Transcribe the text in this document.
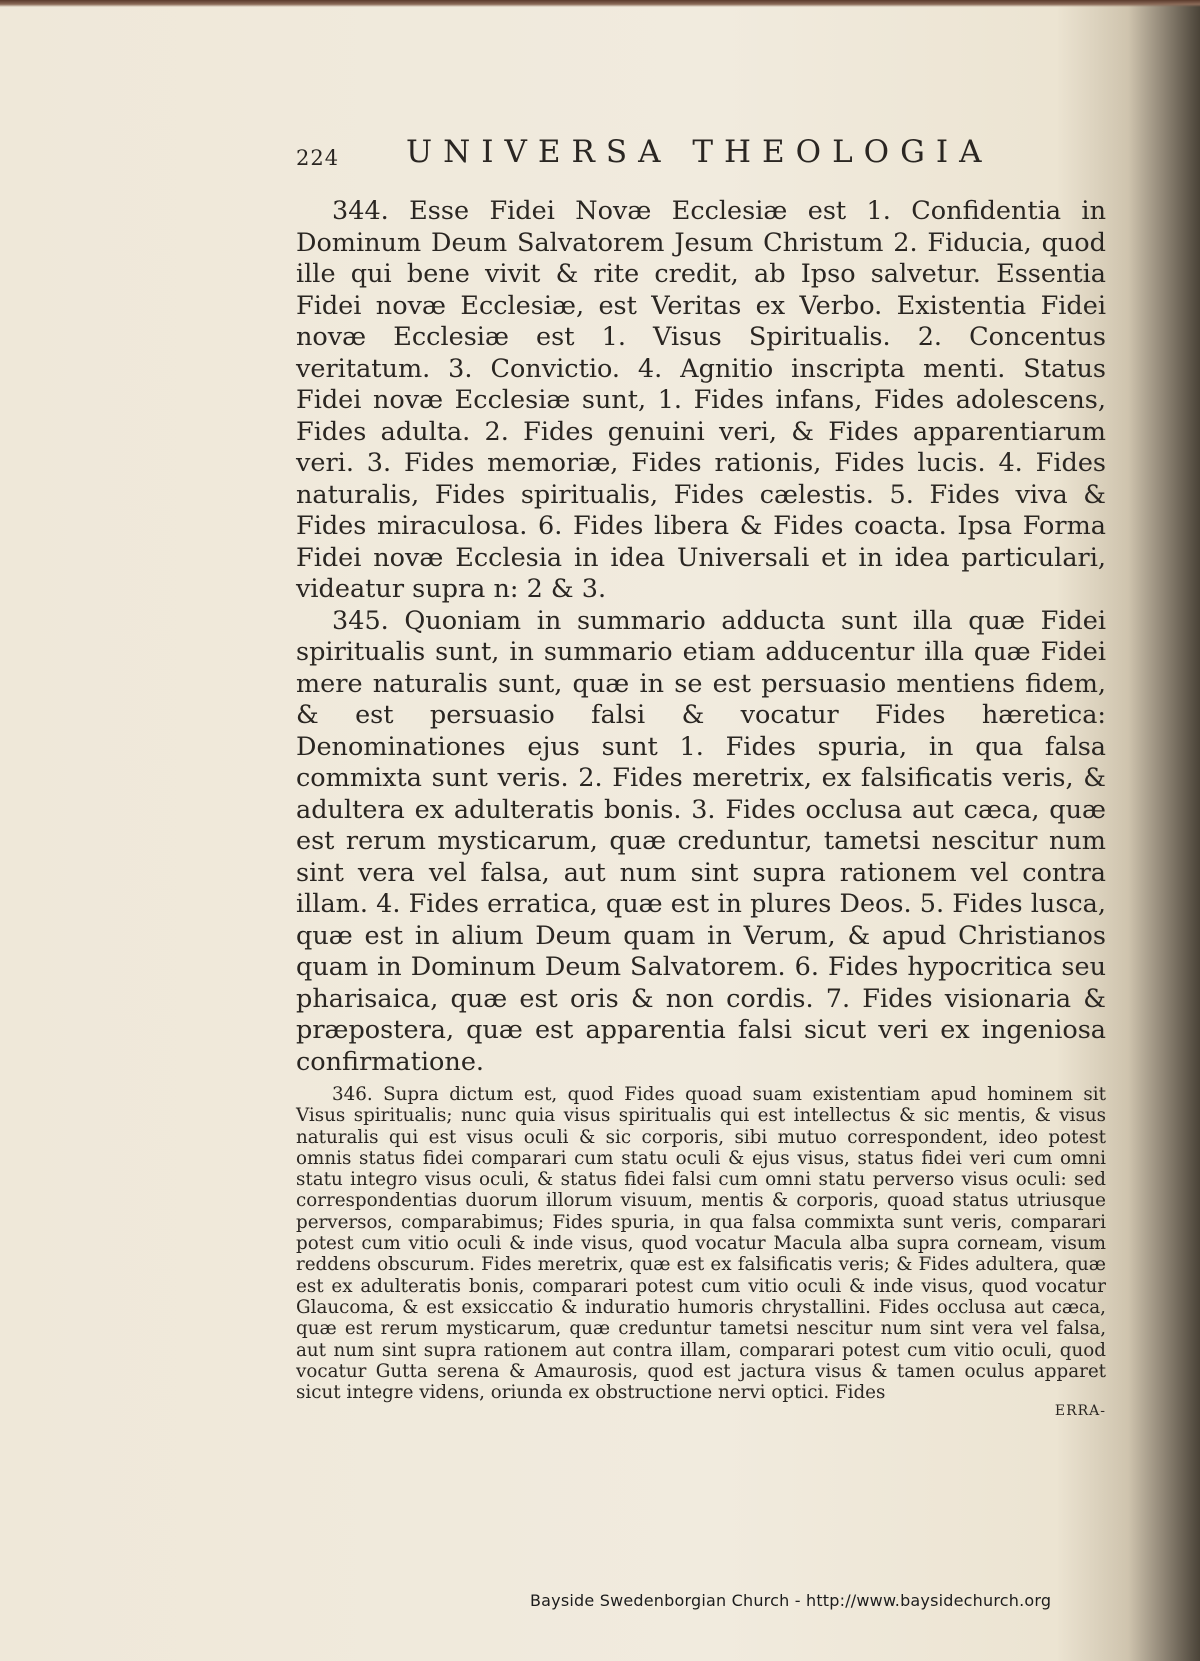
224 UNIVERSA THEOLOGIA

344. Esse Fidei Novæ Ecclesiæ est 1. Confidentia in Dominum Deum Salvatorem Jesum Christum 2. Fiducia, quod ille qui bene vivit & rite credit, ab Ipso salvetur. Essentia Fidei novæ Ecclesiæ, est Veritas ex Verbo. Existentia Fidei novæ Ecclesiæ est 1. Visus Spiritualis. 2. Concentus veritatum. 3. Convictio. 4. Agnitio inscripta menti. Status Fidei novæ Ecclesiæ sunt, 1. Fides infans, Fides adolescens, Fides adulta. 2. Fides genuini veri, & Fides apparentiarum veri. 3. Fides memoriæ, Fides rationis, Fides lucis. 4. Fides naturalis, Fides spiritualis, Fides cælestis. 5. Fides viva & Fides miraculosa. 6. Fides libera & Fides coacta. Ipsa Forma Fidei novæ Ecclesia in idea Universali et in idea particulari, videatur supra n: 2 & 3.

345. Quoniam in summario adducta sunt illa quæ Fidei spiritualis sunt, in summario etiam adducentur illa quæ Fidei mere naturalis sunt, quæ in se est persuasio mentiens fidem, & est persuasio falsi & vocatur Fides hæretica: Denominationes ejus sunt 1. Fides spuria, in qua falsa commixta sunt veris. 2. Fides meretrix, ex falsificatis veris, & adultera ex adulteratis bonis. 3. Fides occlusa aut cæca, quæ est rerum mysticarum, quæ creduntur, tametsi nescitur num sint vera vel falsa, aut num sint supra rationem vel contra illam. 4. Fides erratica, quæ est in plures Deos. 5. Fides lusca, quæ est in alium Deum quam in Verum, & apud Christianos quam in Dominum Deum Salvatorem. 6. Fides hypocritica seu pharisaica, quæ est oris & non cordis. 7. Fides visionaria & præpostera, quæ est apparentia falsi sicut veri ex ingeniosa confirmatione.

346. Supra dictum est, quod Fides quoad suam existentiam apud hominem sit Visus spiritualis; nunc quia visus spiritualis qui est intellectus & sic mentis, & visus naturalis qui est visus oculi & sic corporis, sibi mutuo correspondent, ideo potest omnis status fidei comparari cum statu oculi & ejus visus, status fidei veri cum omni statu integro visus oculi, & status fidei falsi cum omni statu perverso visus oculi: sed correspondentias duorum illorum visuum, mentis & corporis, quoad status utriusque perversos, comparabimus; Fides spuria, in qua falsa commixta sunt veris, comparari potest cum vitio oculi & inde visus, quod vocatur Macula alba supra corneam, visum reddens obscurum. Fides meretrix, quæ est ex falsificatis veris; & Fides adultera, quæ est ex adulteratis bonis, comparari potest cum vitio oculi & inde visus, quod vocatur Glaucoma, & est exsiccatio & induratio humoris chrystallini. Fides occlusa aut cæca, quæ est rerum mysticarum, quæ creduntur tametsi nescitur num sint vera vel falsa, aut num sint supra rationem aut contra illam, comparari potest cum vitio oculi, quod vocatur Gutta serena & Amaurosis, quod est jactura visus & tamen oculus apparet sicut integre videns, oriunda ex obstructione nervi optici. Fides

ERRA-
Bayside Swedenborgian Church - http://www.baysidechurch.org
